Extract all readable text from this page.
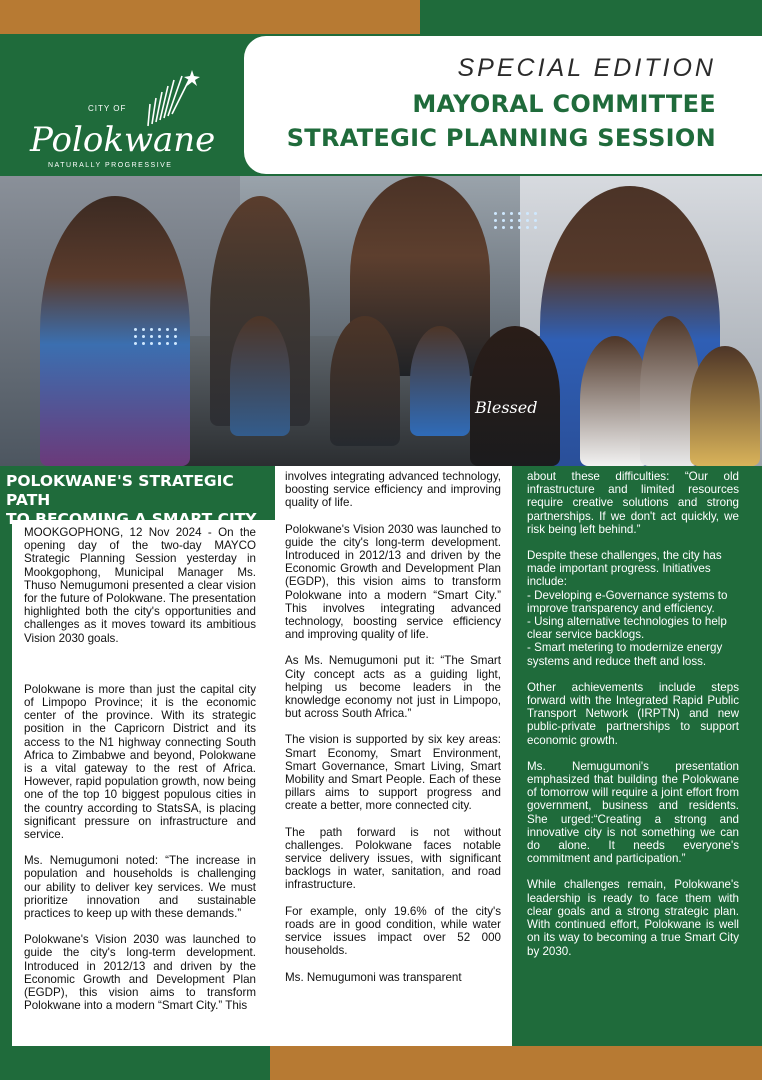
CITY OF
Polokwane
NATURALLY PROGRESSIVE
SPECIAL EDITION
MAYORAL COMMITTEE
STRATEGIC PLANNING SESSION
Blessed
POLOKWANE'S STRATEGIC PATH
TO BECOMING A SMART CITY

MOOKGOPHONG, 12 Nov 2024 - On the opening day of the two-day MAYCO Strategic Planning Session yesterday in Mookgophong, Municipal Manager Ms. Thuso Nemugumoni presented a clear vision for the future of Polokwane. The presentation highlighted both the city's opportunities and challenges as it moves toward its ambitious Vision 2030 goals.

Polokwane is more than just the capital city of Limpopo Province; it is the economic center of the province. With its strategic position in the Capricorn District and its access to the N1 highway connecting South Africa to Zimbabwe and beyond, Polokwane is a vital gateway to the rest of Africa. However, rapid population growth, now being one of the top 10 biggest populous cities in the country according to StatsSA, is placing significant pressure on infrastructure and service.

Ms. Nemugumoni noted: “The increase in population and households is challenging our ability to deliver key services. We must prioritize innovation and sustainable practices to keep up with these demands.”

Polokwane's Vision 2030 was launched to guide the city's long-term development. Introduced in 2012/13 and driven by the Economic Growth and Development Plan (EGDP), this vision aims to transform Polokwane into a modern “Smart City.” This

involves integrating advanced technology, boosting service efficiency and improving quality of life.

Polokwane's Vision 2030 was launched to guide the city's long-term development. Introduced in 2012/13 and driven by the Economic Growth and Development Plan (EGDP), this vision aims to transform Polokwane into a modern “Smart City.” This involves integrating advanced technology, boosting service efficiency and improving quality of life.

As Ms. Nemugumoni put it: “The Smart City concept acts as a guiding light, helping us become leaders in the knowledge economy not just in Limpopo, but across South Africa.”

The vision is supported by six key areas: Smart Economy, Smart Environment, Smart Governance, Smart Living, Smart Mobility and Smart People. Each of these pillars aims to support progress and create a better, more connected city.

The path forward is not without challenges. Polokwane faces notable service delivery issues, with significant backlogs in water, sanitation, and road infrastructure.

For example, only 19.6% of the city's roads are in good condition, while water service issues impact over 52 000 households.

Ms. Nemugumoni was transparent

about these difficulties: “Our old infrastructure and limited resources require creative solutions and strong partnerships. If we don't act quickly, we risk being left behind.”

Despite these challenges, the city has made important progress. Initiatives include:
- Developing e-Governance systems to improve transparency and efficiency.
- Using alternative technologies to help clear service backlogs.
- Smart metering to modernize energy systems and reduce theft and loss.

Other achievements include steps forward with the Integrated Rapid Public Transport Network (IRPTN) and new public-private partnerships to support economic growth.

Ms. Nemugumoni's presentation emphasized that building the Polokwane of tomorrow will require a joint effort from government, business and residents. She urged:“Creating a strong and innovative city is not something we can do alone. It needs everyone's commitment and participation.”

While challenges remain, Polokwane's leadership is ready to face them with clear goals and a strong strategic plan. With continued effort, Polokwane is well on its way to becoming a true Smart City by 2030.
